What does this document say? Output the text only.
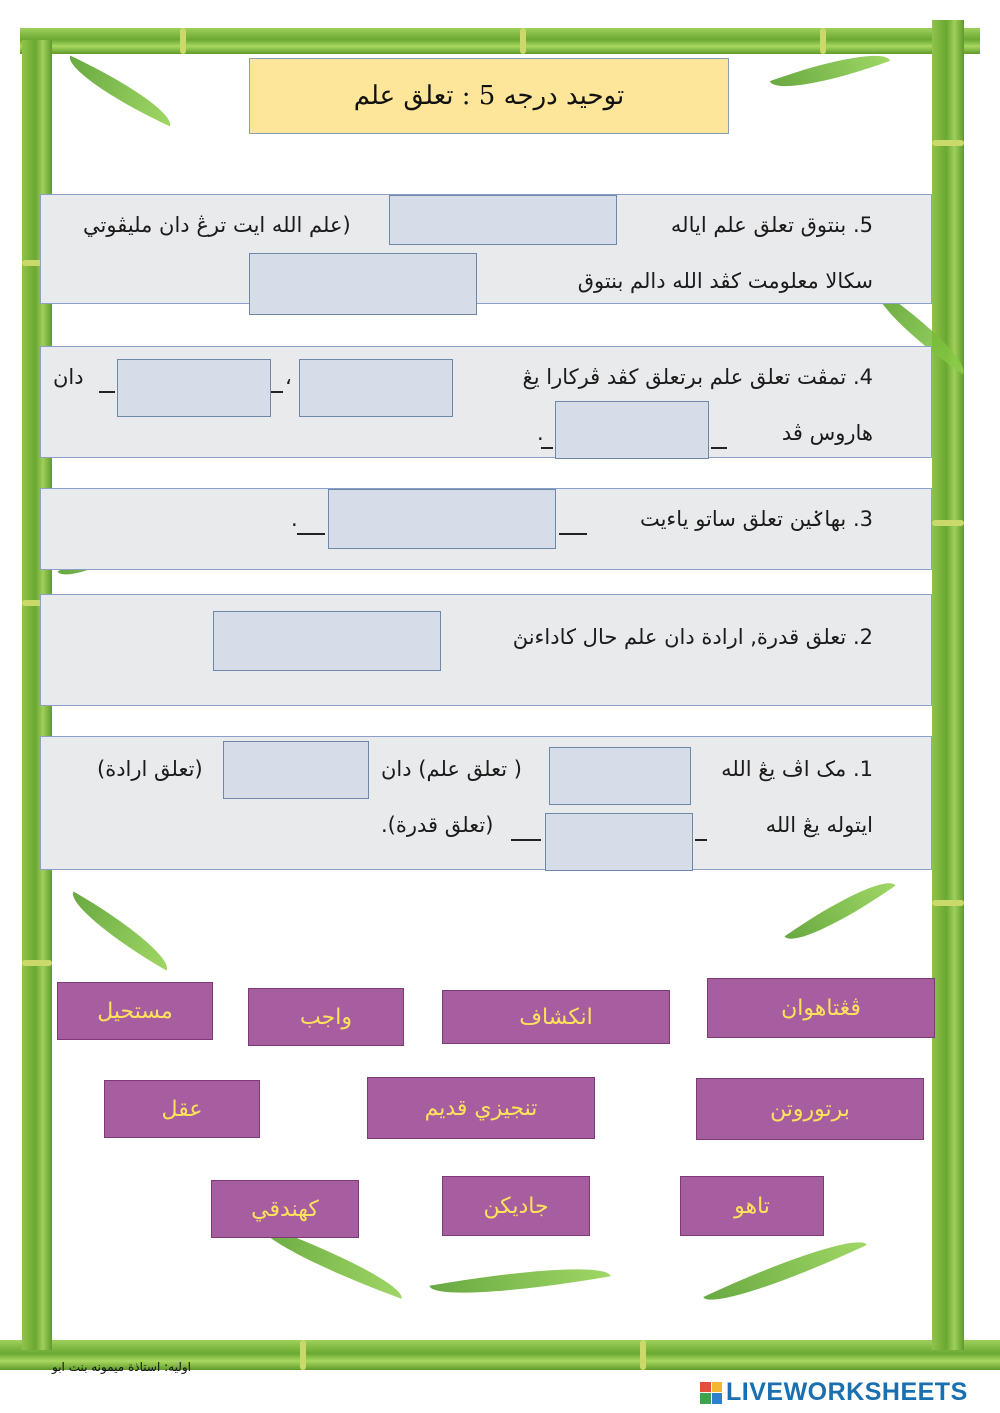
توحيد درجه 5 : تعلق علم
5. بنتوق تعلق علم اياله
(علم الله ايت ترڠ دان مليڤوتي
سکالا معلومت کڤد الله دالم بنتوق
4. تمڤت تعلق علم برتعلق کڤد ڤرکارا يڠ
،
دان
هاروس ڤد
.
3. بهاݢين تعلق ساتو ياءيت
.
2. تعلق قدرة, ارادة دان علم حال کاداءنڽ
1. مک اڤ يڠ الله
( تعلق علم) دان
(تعلق ارادة)
ايتوله يڠ الله
(تعلق قدرة).
ڤڠتاهوان
انکشاف
واجب
مستحيل
برتوروتن
تنجيزي قديم
عقل
تاهو
جاديکن
کهندقي
اوليه: استاذة ميمونه بنت ابو
LIVEWORKSHEETS
